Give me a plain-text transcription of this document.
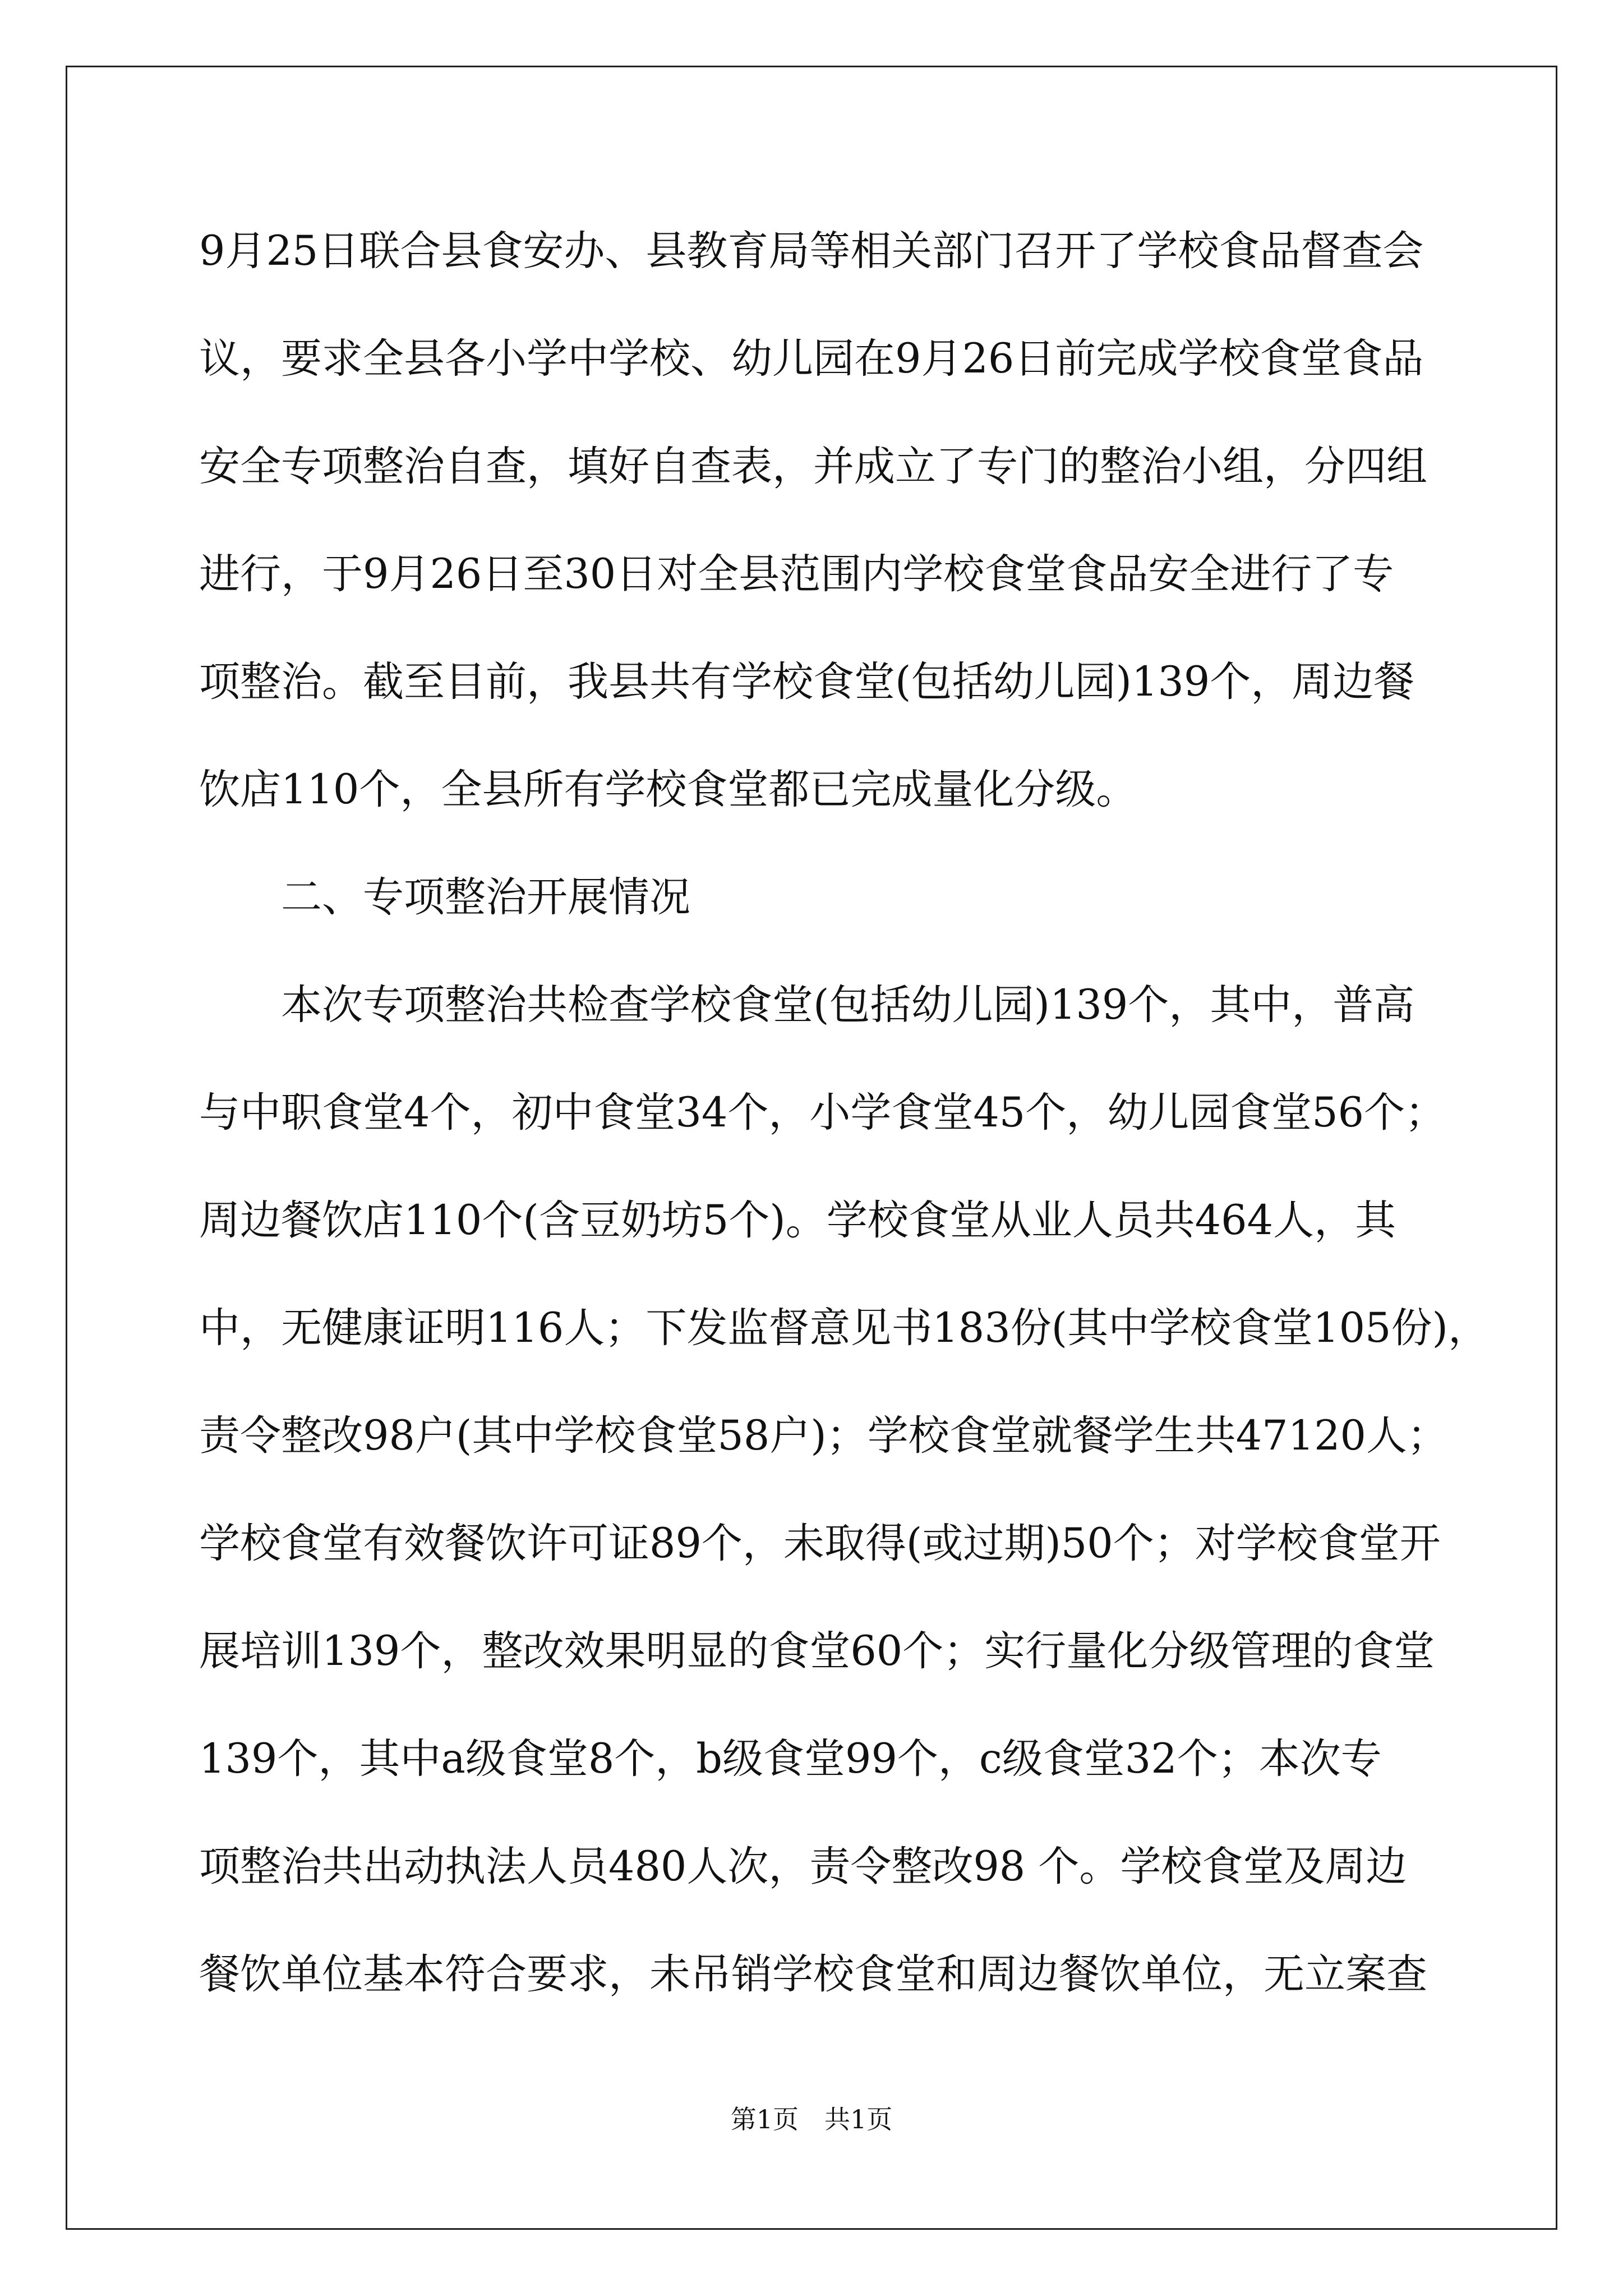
9月25日联合县食安办、县教育局等相关部门召开了学校食品督查会
议，要求全县各小学中学校、幼儿园在9月26日前完成学校食堂食品
安全专项整治自查，填好自查表，并成立了专门的整治小组，分四组
进行，于9月26日至30日对全县范围内学校食堂食品安全进行了专
项整治。截至目前，我县共有学校食堂(包括幼儿园)139个，周边餐
饮店110个，全县所有学校食堂都已完成量化分级。
二、专项整治开展情况
本次专项整治共检查学校食堂(包括幼儿园)139个，其中，普高
与中职食堂4个，初中食堂34个，小学食堂45个，幼儿园食堂56个；
周边餐饮店110个(含豆奶坊5个)。学校食堂从业人员共464人，其
中，无健康证明116人；下发监督意见书183份(其中学校食堂105份)，
责令整改98户(其中学校食堂58户)；学校食堂就餐学生共47120人；
学校食堂有效餐饮许可证89个，未取得(或过期)50个；对学校食堂开
展培训139个，整改效果明显的食堂60个；实行量化分级管理的食堂
139个，其中a级食堂8个，b级食堂99个，c级食堂32个；本次专
项整治共出动执法人员480人次，责令整改98 个。学校食堂及周边
餐饮单位基本符合要求，未吊销学校食堂和周边餐饮单位，无立案查
第1页　共1页
